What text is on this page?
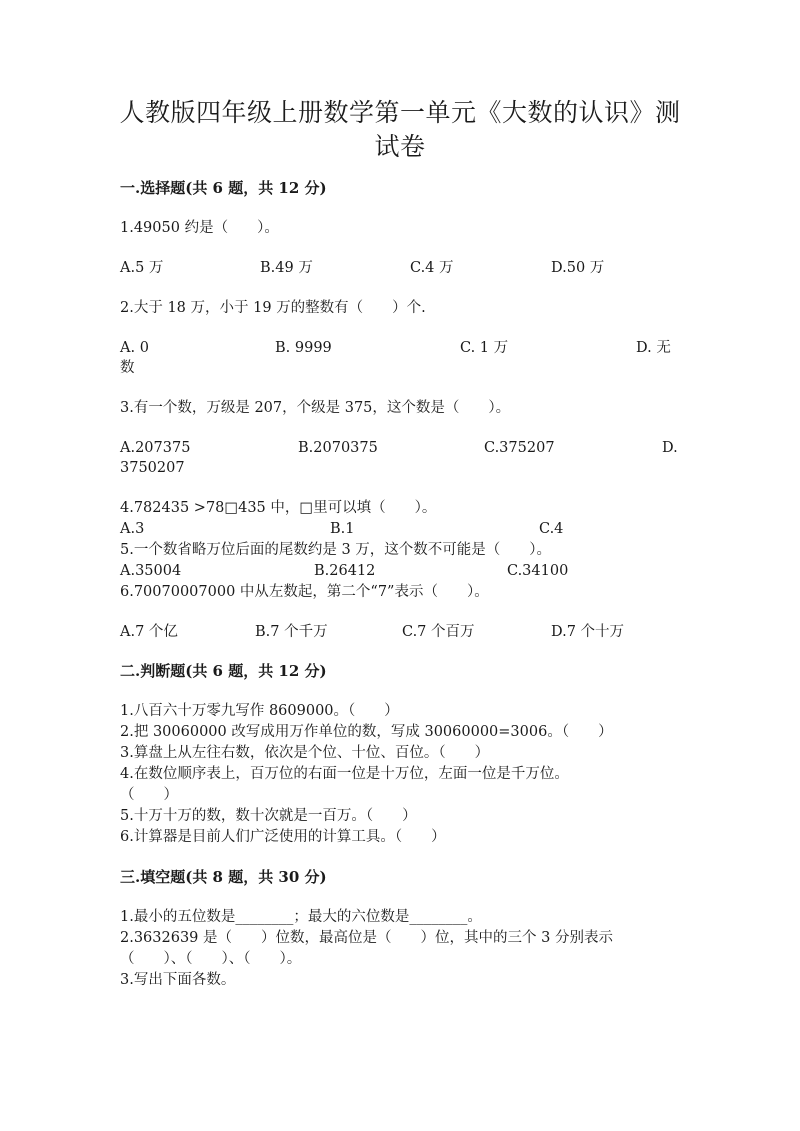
人教版四年级上册数学第一单元《大数的认识》测
试卷
一.选择题(共 6 题，共 12 分)
1.49050 约是（　　）。
A.5 万	B.49 万	C.4 万	D.50 万
2.大于 18 万，小于 19 万的整数有（　　）个.
A. 0	B. 9999	C. 1 万	D. 无
数
3.有一个数，万级是 207，个级是 375，这个数是（　　）。
A.207375	B.2070375	C.375207	D.
3750207
4.782435 >78□435 中，□里可以填（　　）。
A.3	B.1	C.4
5.一个数省略万位后面的尾数约是 3 万，这个数不可能是（　　）。
A.35004	B.26412	C.34100
6.70070007000 中从左数起，第二个“7”表示（　　）。
A.7 个亿	B.7 个千万	C.7 个百万	D.7 个十万
二.判断题(共 6 题，共 12 分)
1.八百六十万零九写作 8609000。（　　）
2.把 30060000 改写成用万作单位的数，写成 30060000=3006。（　　）
3.算盘上从左往右数，依次是个位、十位、百位。（　　）
4.在数位顺序表上，百万位的右面一位是十万位，左面一位是千万位。
（　　）
5.十万十万的数，数十次就是一百万。（　　）
6.计算器是目前人们广泛使用的计算工具。（　　）
三.填空题(共 8 题，共 30 分)
1.最小的五位数是________；最大的六位数是________。
2.3632639 是（　　）位数，最高位是（　　）位，其中的三个 3 分别表示
（　　）、（　　）、（　　）。
3.写出下面各数。
